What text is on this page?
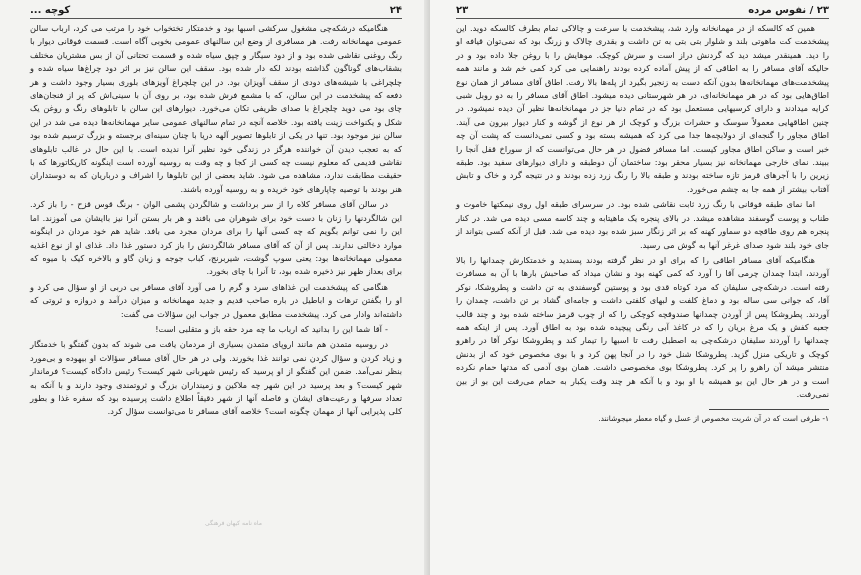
کوچه ...	۲۴

هنگامیکه درشکه‌چی مشغول سرکشی اسبها بود و خدمتکار تختخواب خود را مرتب می کرد، ارباب سالن عمومی مهمانخانه رفت. هر مسافری از وضع این سالنهای عمومی بخوبی آگاه است. قسمت فوقانی دیوار با رنگ روغنی نقاشی شده بود و از دود سیگار و چپق سیاه شده و قسمت تحتانی آن از بس مشتریان مختلف بشقاب‌های گوناگون گذاشته بودند لکه دار شده بود. سقف این سالن نیز بر اثر دود چراغ‌ها سیاه شده و چلچراغی با شیشه‌های دودی از سقف آویزان بود. در این چلچراغ آویزهای بلوری بسیار وجود داشت و هر دفعه که پیشخدمت در این سالن، که با مشمع فرش شده بود، بر روی آن با سینی‌اش که پر از فنجان‌های چای بود می دوید چلچراغ با صدای ظریفی تکان می‌خورد. دیوارهای این سالن با تابلوهای رنگ و روغن یک شکل و یکنواخت زینت یافته بود. خلاصه آنچه در تمام سالنهای عمومی سایر مهمانخانه‌ها دیده می شد در این سالن نیز موجود بود. تنها در یکی از تابلوها تصویر آلهه دریا با چنان سینه‌ای برجسته و بزرگ ترسیم شده بود که به تعجب دیدن آن خواننده هرگز در زندگی خود نظیر آنرا ندیده است. با این حال در غالب تابلوهای نقاشی قدیمی که معلوم نیست چه کسی از کجا و چه وقت به روسیه آورده است اینگونه کاریکاتورها که با حقیقت مطابقت ندارد، مشاهده می شود. شاید بعضی از این تابلوها را اشراف و درباریان که به دوستداران هنر بودند با توصیه چاپارهای خود خریده و به روسیه آورده باشند.

در سالن آقای مسافر کلاه را از سر برداشت و شالگردن پشمی الوان - برنگ قوس قزح - را باز کرد. این شالگردنها را زنان با دست خود برای شوهران می بافند و هر بار بستن آنرا نیز باایشان می آموزند. اما این را نمی توانم بگویم که چه کسی آنها را برای مردان مجرد می بافد. شاید هم خود مردان در اینگونه موارد دخالتی ندارند. پس از آن که آقای مسافر شالگردنش را باز کرد دستور غذا داد. غذای او از نوع اغذیه معمولی مهمانخانه‌ها بود: یعنی سوپ گوشت، شیربرنج، کباب جوجه و زبان گاو و بالاخره کیک با میوه که برای بعداز ظهر نیز ذخیره شده بود، تا آنرا با چای بخورد.

هنگامی که پیشخدمت این غذاهای سرد و گرم را می آورد آقای مسافر بی دربی از او سؤال می کرد و او را بگفتن ترهات و اباطیل در باره صاحب قدیم و جدید مهمانخانه و میزان درآمد و دروازه و ثروتی که داشته‌اند وادار می کرد. پیشخدمت مطابق معمول در جواب این سؤالات می گفت:

- آقا شما این را بدانید که ارباب ما چه مرد حقه باز و متقلبی است!

در روسیه متمدن هم مانند اروپای متمدن بسیاری از مردمان یافت می شوند که بدون گفتگو با خدمتگار و زیاد کردن و سؤال کردن نمی توانند غذا بخورند. ولی در هر حال آقای مسافر سؤالات او بیهوده و بی‌مورد بنظر نمی‌آمد. ضمن این گفتگو از او پرسید که رئیس شهربانی شهر کیست؟ رئیس دادگاه کیست؟ فرماندار شهر کیست؟ و بعد پرسید در این شهر چه ملاکین و زمینداران بزرگ و ثروتمندی وجود دارند و با آنکه به تعداد سرفها و رعیت‌های ایشان و فاصله آنها از شهر دقیقاً اطلاع داشت پرسیده بود که سفره غذا و بطور کلی پذیرایی آنها از مهمان چگونه است؟ خلاصه آقای مسافر تا می‌توانست سؤال کرد.

۲۳ / نفوس مرده
۲۳

همین که کالسکه از در مهمانخانه وارد شد، پیشخدمت با سرعت و چالاکی تمام بطرف کالسکه دوید. این پیشخدمت کت ماهوتی بلند و شلوار بتی بتی به تن داشت و بقدری چالاک و زرنگ بود که نمی‌توان قیافه او را دید. همینقدر میشد دید که گردنش دراز است و سرش کوچک. موهایش را با روغن جلا داده بود و در حالیکه آقای مسافر را به اطاقی که از پیش آماده کرده بودند راهنمایی می کرد کمی خم شد و مانند همه پیشخدمت‌های مهمانخانه‌ها بدون آنکه دست به زنجیر بگیرد از پله‌ها بالا رفت. اطاق آقای مسافر از همان نوع اطاق‌هایی بود که در هر مهمانخانه‌ای، در هر شهرستانی دیده میشود. اطاق آقای مسافر را به دو روبل شبی کرایه میدادند و دارای کرسیهایی مستعمل بود که در تمام دنیا جز در مهمانخانه‌ها نظیر آن دیده نمیشود. در چنین اطاقهایی معمولاً سوسک و حشرات بزرگ و کوچک از هر نوع از گوشه و کنار دیوار بیرون می آیند. اطاق مجاور را گنجه‌ای از دولابچه‌ها جدا می کرد که همیشه بسته بود و کسی نمی‌دانست که پشت آن چه خبر است و ساکن اطاق مجاور کیست. اما مسافر فضول در هر حال می‌توانست که از سوراخ قفل آنجا را ببیند. نمای خارجی مهمانخانه نیز بسیار محقر بود: ساختمان آن دوطبقه و دارای دیوارهای سفید بود. طبقه زیرین را با آجرهای قرمز تازه ساخته بودند و طبقه بالا را رنگ زرد زده بودند و در نتیجه گرد و خاک و تابش آفتاب بیشتر از همه جا به چشم می‌خورد.

اما نمای طبقه فوقانی با رنگ زرد ثابت نقاشی شده بود. در سرسرای طبقه اول روی نیمکتها خاموت و طناب و پوست گوسفند مشاهده میشد. در بالای پنجره یک ماهیتابه و چند کاسه مسی دیده می شد. در کنار پنجره هم روی طاقچه دو سماور کهنه که بر اثر زنگار سبز شده بود دیده می شد. قبل از آنکه کسی بتواند از جای خود بلند شود صدای غرغر آنها به گوش می رسید.

هنگامیکه آقای مسافر اطاقی را که برای او در نظر گرفته بودند پسندید و خدمتکارش چمدانها را بالا آوردند، ابتدا چمدان چرمی آقا را آورد که کمی کهنه بود و نشان میداد که صاحبش بارها با آن به مسافرت رفته است. درشکه‌چی سلیفان که مرد کوتاه قدی بود و پوستین گوسفندی به تن داشت و پطروشکا، نوکر آقا، که جوانی سی ساله بود و دماغ کلفت و لبهای کلفتی داشت و جامه‌ای گشاد بر تن داشت، چمدان را آوردند. پطروشکا پس از آوردن چمدانها صندوقچه کوچکی را که از چوب قرمز ساخته شده بود و چند قالب جعبه کفش و یک مرغ بریان را که در کاغذ آبی رنگی پیچیده شده بود به اطاق آورد. پس از اینکه همه چمدانها را آوردند سلیفان درشکه‌چی به اصطبل رفت تا اسبها را تیمار کند و پطروشکا نوکر آقا در راهرو کوچک و تاریکی منزل گزید. پطروشکا شنل خود را در آنجا پهن کرد و با بوی مخصوص خود که از بدنش منتشر میشد آن راهرو را پر کرد. پطروشکا بوی مخصوصی داشت. همان بوی آدمی که مدتها حمام نکرده است و در هر حال این بو همیشه با او بود و با آنکه هر چند وقت یکبار به حمام می‌رفت این بو از بین نمی‌رفت.

۱- طرفی است که در آن شربت مخصوص از عسل و گیاه معطر میجوشانند.

ماه نامه کیهان فرهنگی
